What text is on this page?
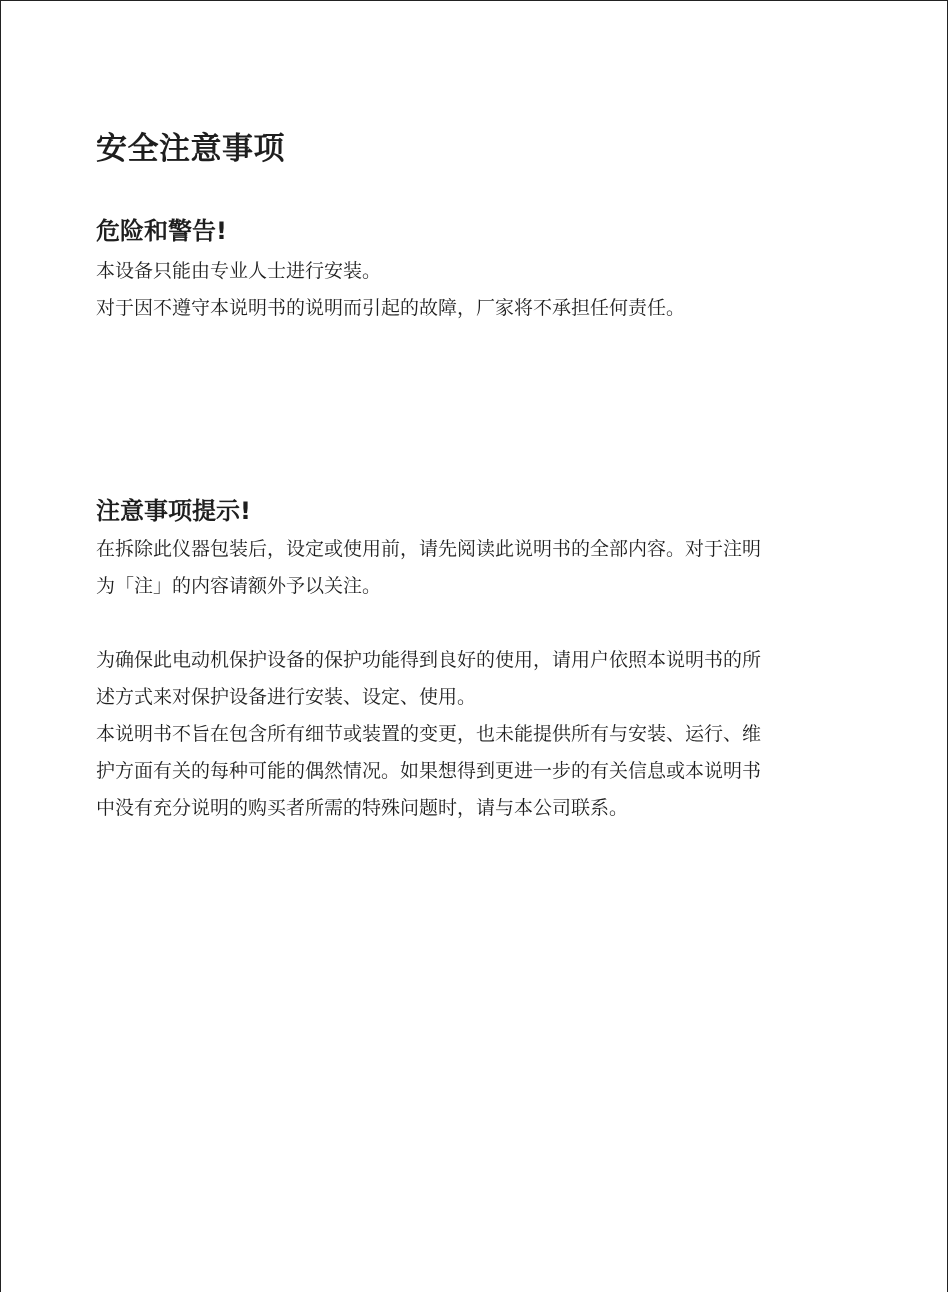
安全注意事项
危险和警告!

本设备只能由专业人士进行安装。

对于因不遵守本说明书的说明而引起的故障，厂家将不承担任何责任。

注意事项提示!

在拆除此仪器包装后，设定或使用前，请先阅读此说明书的全部内容。对于注明
为「注」的内容请额外予以关注。

为确保此电动机保护设备的保护功能得到良好的使用，请用户依照本说明书的所
述方式来对保护设备进行安装、设定、使用。

本说明书不旨在包含所有细节或装置的变更，也未能提供所有与安装、运行、维
护方面有关的每种可能的偶然情况。如果想得到更进一步的有关信息或本说明书
中没有充分说明的购买者所需的特殊问题时，请与本公司联系。
